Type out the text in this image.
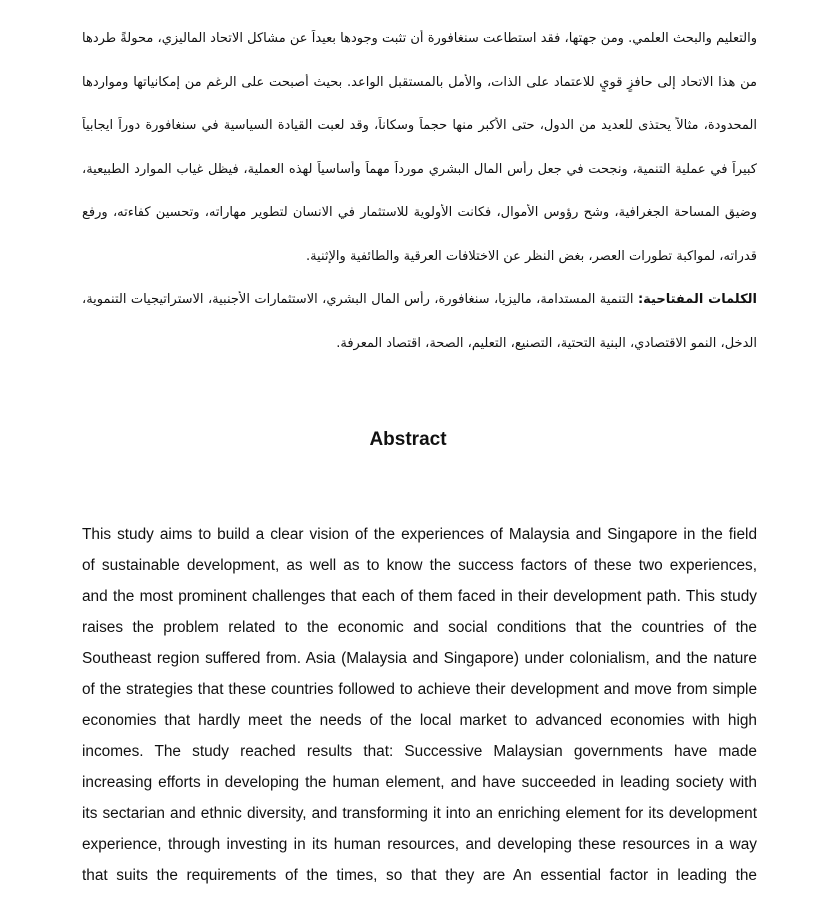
والتعليم والبحث العلمي. ومن جهتها، فقد استطاعت سنغافورة أن تثبت وجودها بعيداً عن مشاكل الاتحاد الماليزي، محولةً طردها
من هذا الاتحاد إلى حافزٍ قويٍ للاعتماد على الذات، والأمل بالمستقبل الواعد. بحيث أصبحت على الرغم من إمكانياتها ومواردها
المحدودة، مثالاً يحتذى للعديد من الدول، حتى الأكبر منها حجماً وسكاناً، وقد لعبت القيادة السياسية في سنغافورة دوراً ايجابياً
كبيراً في عملية التنمية، ونجحت في جعل رأس المال البشري مورداً مهماً وأساسياً لهذه العملية، فيظل غياب الموارد الطبيعية،
وضيق المساحة الجغرافية، وشح رؤوس الأموال، فكانت الأولوية للاستثمار في الانسان لتطوير مهاراته، وتحسين كفاءته، ورفع
قدراته، لمواكبة تطورات العصر، بغض النظر عن الاختلافات العرقية والطائفية والإثنية.
الكلمات المفتاحية: التنمية المستدامة، ماليزيا، سنغافورة، رأس المال البشري، الاستثمارات الأجنبية، الاستراتيجيات التنموية،
الدخل، النمو الاقتصادي، البنية التحتية، التصنيع، التعليم، الصحة، اقتصاد المعرفة.
Abstract
This study aims to build a clear vision of the experiences of Malaysia and Singapore in the field
of sustainable development, as well as to know the success factors of these two experiences,
and the most prominent challenges that each of them faced in their development path. This study
raises the problem related to the economic and social conditions that the countries of the
Southeast region suffered from. Asia (Malaysia and Singapore) under colonialism, and the nature
of the strategies that these countries followed to achieve their development and move from simple
economies that hardly meet the needs of the local market to advanced economies with high
incomes. The study reached results that: Successive Malaysian governments have made
increasing efforts in developing the human element, and have succeeded in leading society with
its sectarian and ethnic diversity, and transforming it into an enriching element for its development
experience, through investing in its human resources, and developing these resources in a way
that suits the requirements of the times, so that they are An essential factor in leading the
